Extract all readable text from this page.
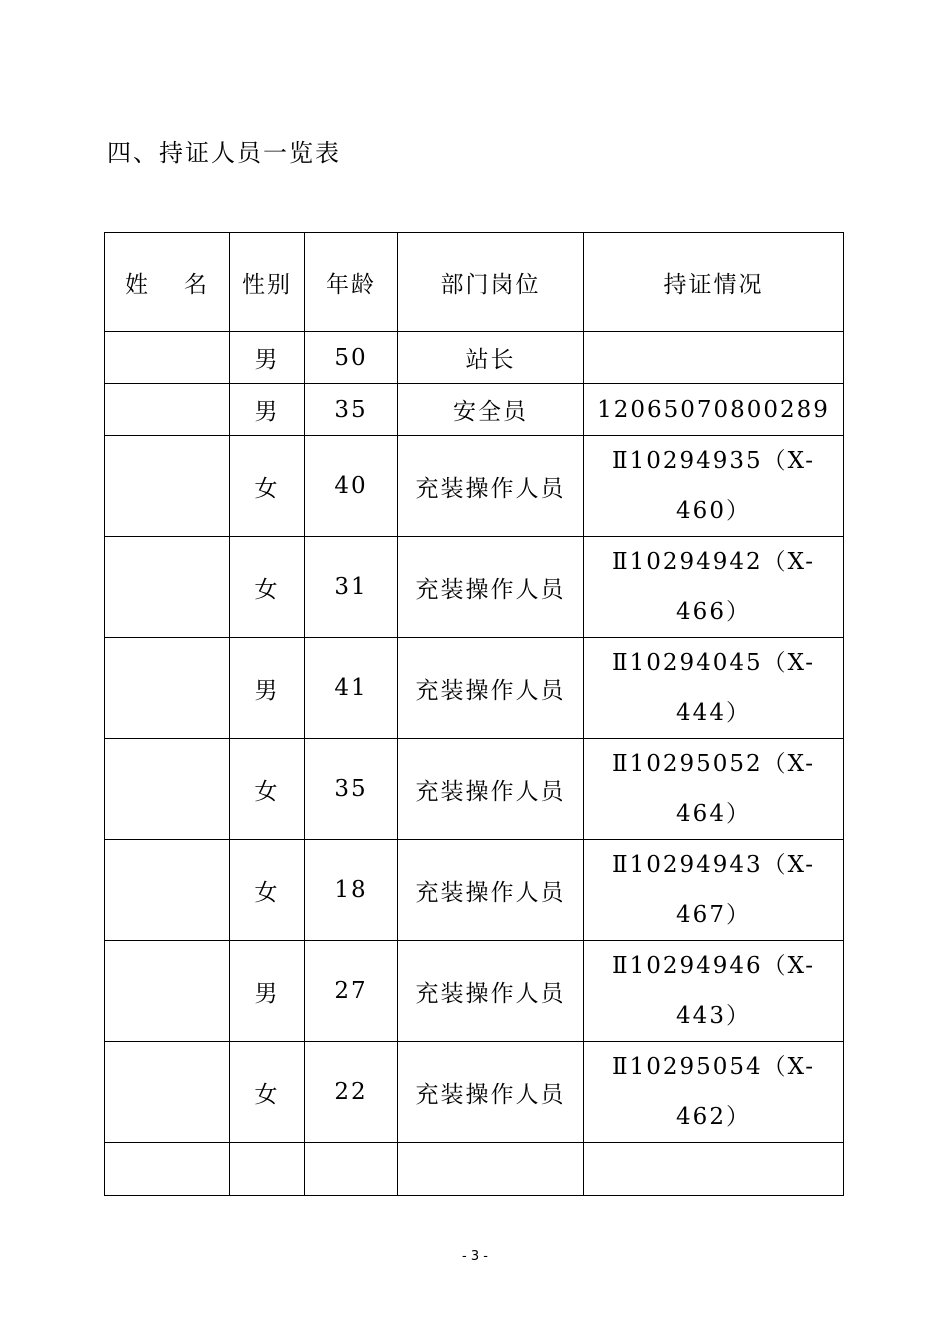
四、持证人员一览表
姓 名	性别	年龄	部门岗位	持证情况
	男	50	站长	

	男	35	安全员	12065070800289

	女	40	充装操作人员	Ⅱ10294935（X-
460）

	女	31	充装操作人员	Ⅱ10294942（X-
466）

	男	41	充装操作人员	Ⅱ10294045（X-
444）

	女	35	充装操作人员	Ⅱ10295052（X-
464）

	女	18	充装操作人员	Ⅱ10294943（X-
467）

	男	27	充装操作人员	Ⅱ10294946（X-
443）

	女	22	充装操作人员	Ⅱ10295054（X-
462）

- 3 -
